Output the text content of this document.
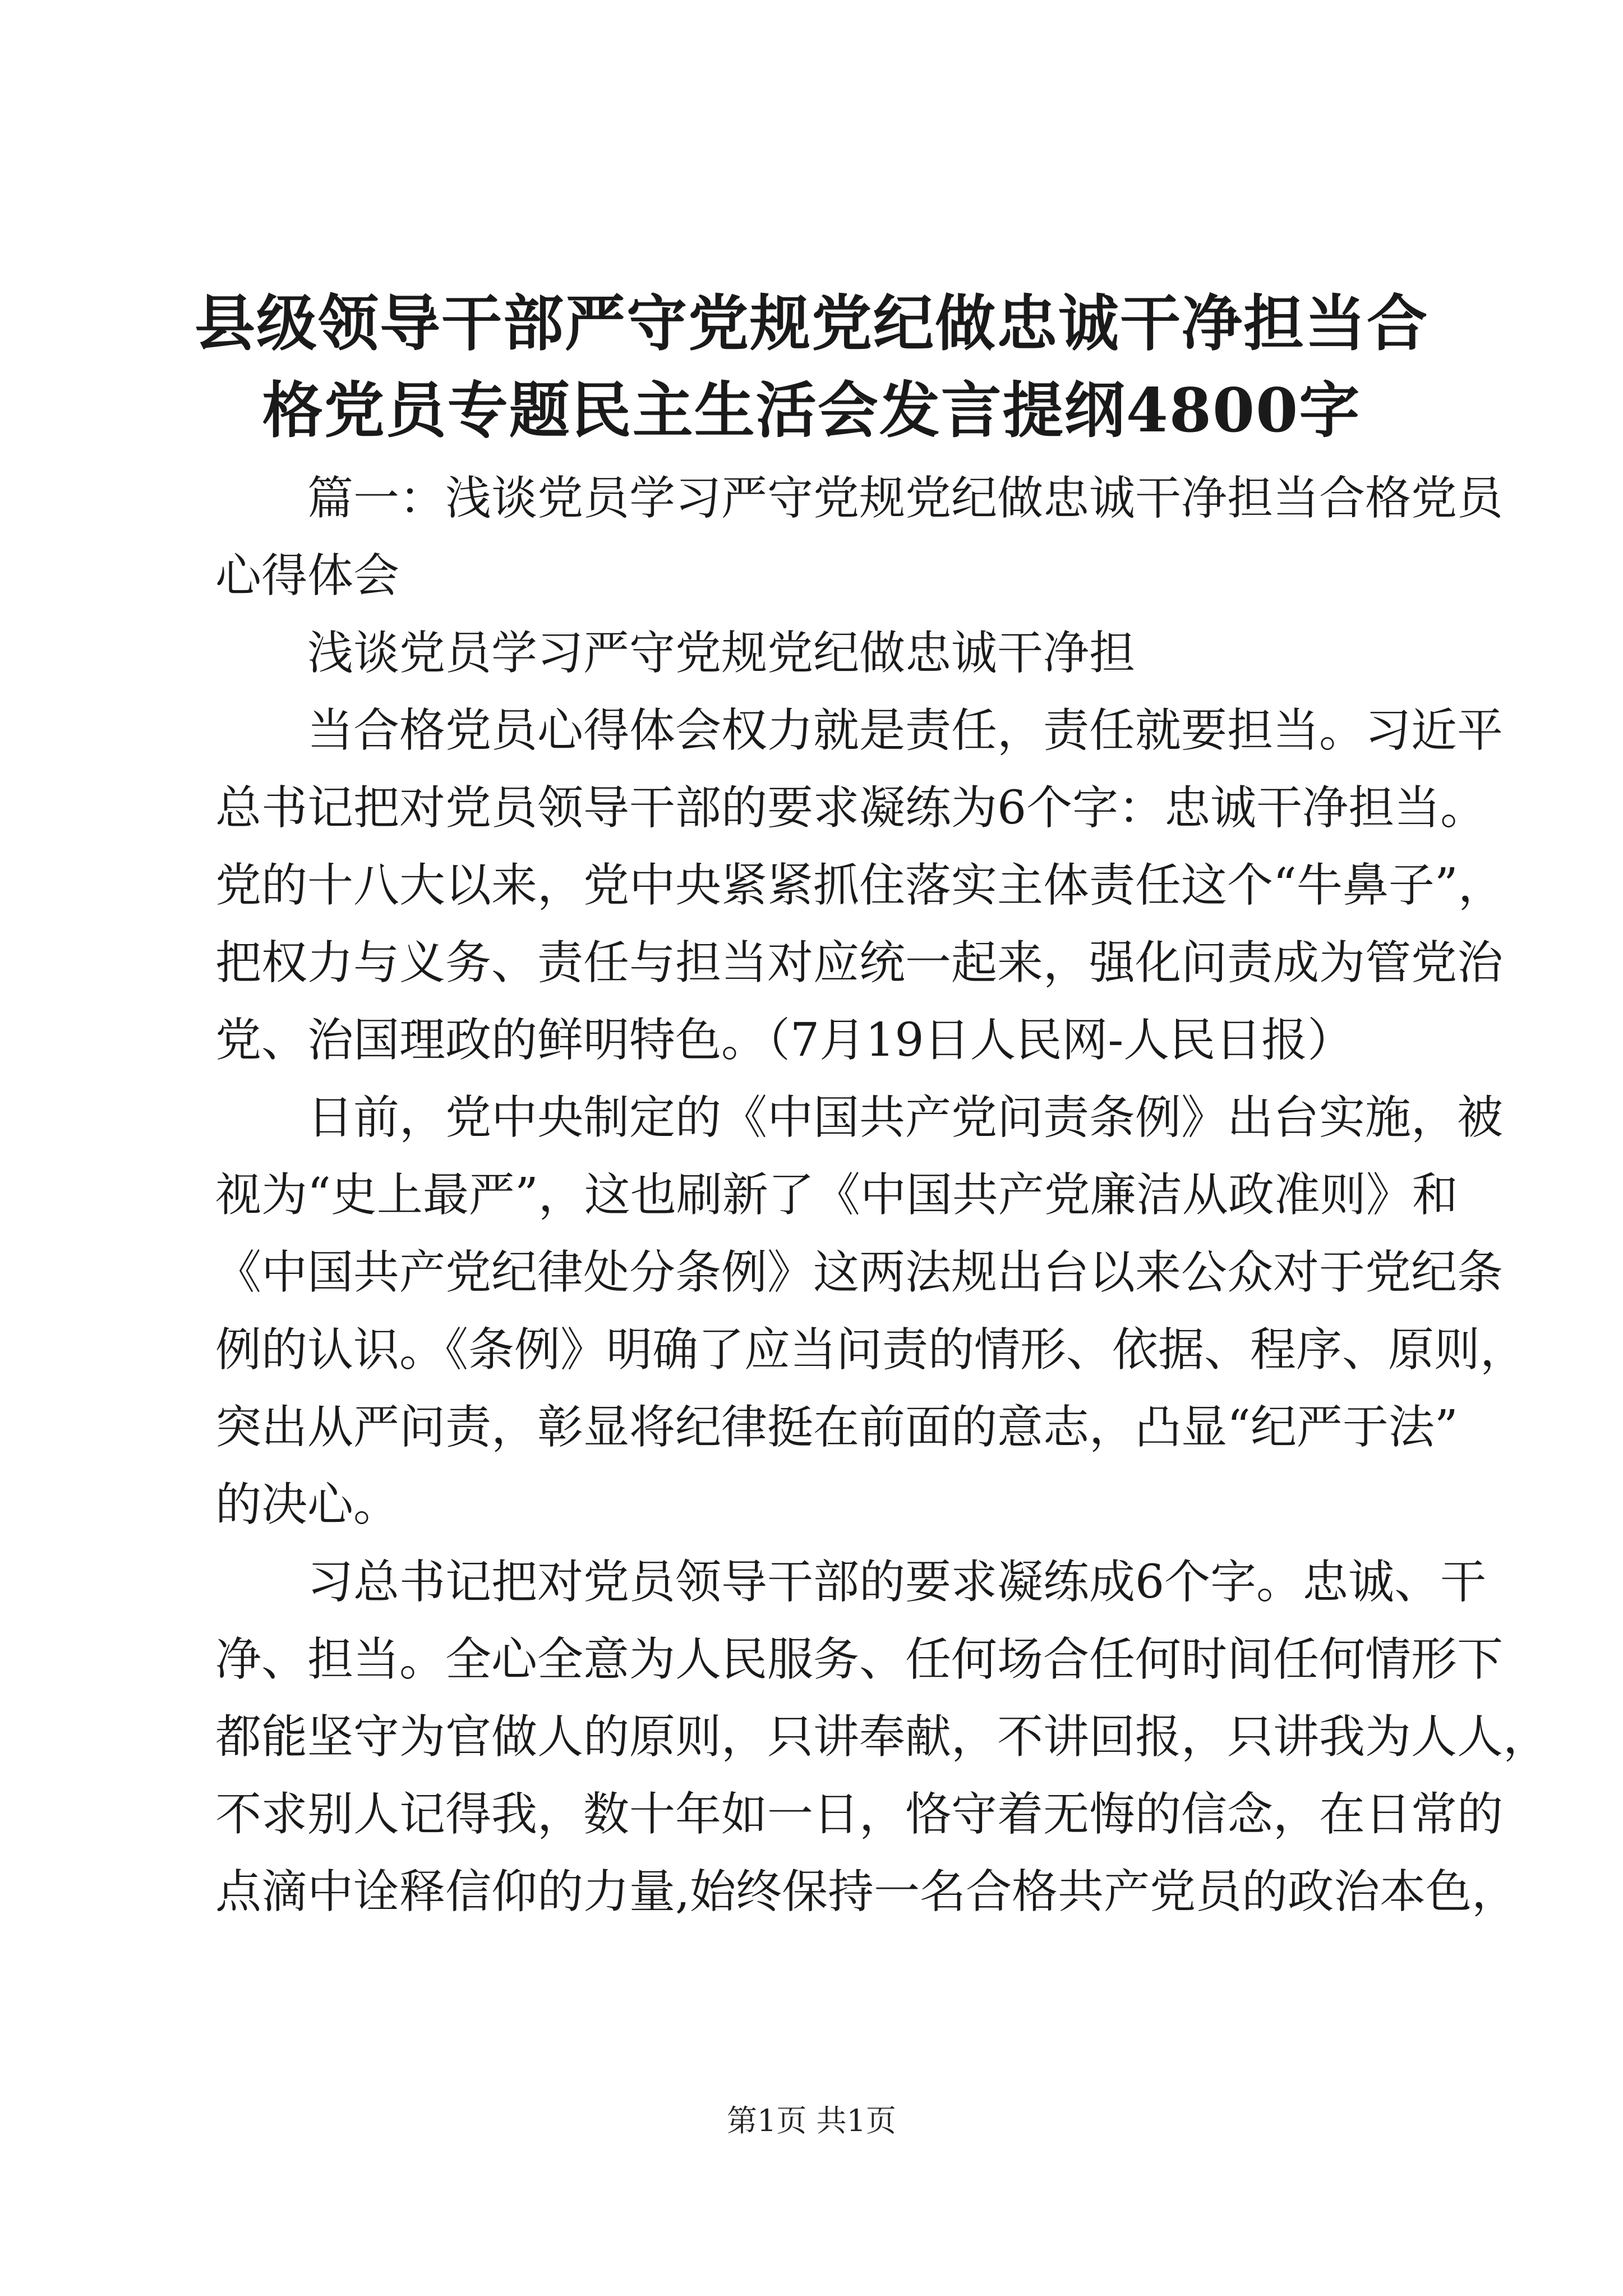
县级领导干部严守党规党纪做忠诚干净担当合
格党员专题民主生活会发言提纲4800字

篇一：浅谈党员学习严守党规党纪做忠诚干净担当合格党员
心得体会

浅谈党员学习严守党规党纪做忠诚干净担

当合格党员心得体会权力就是责任，责任就要担当。习近平
总书记把对党员领导干部的要求凝练为6个字：忠诚干净担当。
党的十八大以来，党中央紧紧抓住落实主体责任这个“牛鼻子”，
把权力与义务、责任与担当对应统一起来，强化问责成为管党治
党、治国理政的鲜明特色。（7月19日人民网-人民日报）

日前，党中央制定的《中国共产党问责条例》出台实施，被
视为“史上最严”，这也刷新了《中国共产党廉洁从政准则》和
《中国共产党纪律处分条例》这两法规出台以来公众对于党纪条
例的认识。《条例》明确了应当问责的情形、依据、程序、原则，
突出从严问责，彰显将纪律挺在前面的意志，凸显“纪严于法”
的决心。

习总书记把对党员领导干部的要求凝练成6个字。忠诚、干
净、担当。全心全意为人民服务、任何场合任何时间任何情形下
都能坚守为官做人的原则，只讲奉献，不讲回报，只讲我为人人，
不求别人记得我，数十年如一日，恪守着无悔的信念，在日常的
点滴中诠释信仰的力量,始终保持一名合格共产党员的政治本色，

第1页 共1页
